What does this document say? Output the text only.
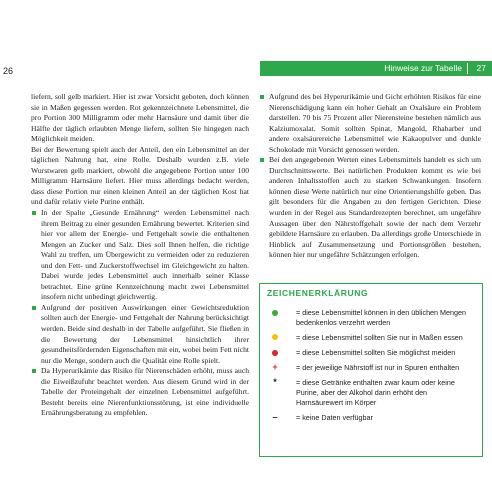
26	Hinweise zur Tabelle 27

liefern, soll gelb markiert. Hier ist zwar Vorsicht geboten, doch können sie in Maßen gegessen werden. Rot gekennzeichnete Lebensmittel, die pro Portion 300 Milligramm oder mehr Harnsäure und damit über die Hälfte der täglich erlaubten Menge liefern, sollten Sie hingegen nach Möglichkeit meiden.

Bei der Bewertung spielt auch der Anteil, den ein Lebensmittel an der täglichen Nahrung hat, eine Rolle. Deshalb wurden z.B. viele Wurstwaren gelb markiert, obwohl die angegebene Portion unter 100 Milligramm Harnsäure liefert. Hier muss allerdings bedacht werden, dass diese Portion nur einen kleinen Anteil an der täglichen Kost hat und dafür relativ viele Purine enthält.

In der Spalte „Gesunde Ernährung“ werden Lebensmittel nach ihrem Beitrag zu einer gesunden Ernährung bewertet. Kriterien sind hier vor allem der Energie- und Fettgehalt sowie die enthaltenen Mengen an Zucker und Salz. Dies soll Ihnen helfen, die richtige Wahl zu treffen, um Übergewicht zu vermeiden oder zu reduzieren und den Fett- und Zuckerstoffwechsel im Gleichgewicht zu halten. Dabei wurde jedes Lebensmittel auch innerhalb seiner Klasse betrachtet. Eine grüne Kennzeichnung macht zwei Lebensmittel insofern nicht unbedingt gleichwertig.

Aufgrund der positiven Auswirkungen einer Gewichtsreduktion sollten auch der Energie- und Fettgehalt der Nahrung berücksichtigt werden. Beide sind deshalb in der Tabelle aufgeführt. Sie fließen in die Bewertung der Lebensmittel hinsichtlich ihrer gesundheitsfördernden Eigenschaften mit ein, wobei beim Fett nicht nur die Menge, sondern auch die Qualität eine Rolle spielt.

Da Hyperurikämie das Risiko für Nierenschäden erhöht, muss auch die Eiweißzufuhr beachtet werden. Aus diesem Grund wird in der Tabelle der Proteingehalt der einzelnen Lebensmittel aufgeführt. Besteht bereits eine Nierenfunktionsstörung, ist eine individuelle Ernährungsberatung zu empfehlen.

Aufgrund des bei Hyperurikämie und Gicht erhöhten Risikos für eine Nierenschädigung kann ein hoher Gehalt an Oxalsäure ein Problem darstellen. 70 bis 75 Prozent aller Nierensteine bestehen nämlich aus Kalziumoxalat. Somit sollten Spinat, Mangold, Rhabarber und andere oxalsäurereiche Lebensmittel wie Kakaopulver und dunkle Schokolade mit Vorsicht genossen werden.

Bei den angegebenen Werten eines Lebensmittels handelt es sich um Durchschnittswerte. Bei natürlichen Produkten kommt es wie bei anderen Inhaltsstoffen auch zu starken Schwankungen. Insofern können diese Werte natürlich nur eine Orientierungshilfe geben. Das gilt besonders für die Angaben zu den fertigen Gerichten. Diese wurden in der Regel aus Standardrezepten berechnet, um ungefähre Aussagen über den Nährstoffgehalt sowie der nach dem Verzehr gebildete Harnsäure zu erlauben. Da allerdings große Unterschiede in Hinblick auf Zusammensetzung und Portionsgrößen bestehen, können hier nur ungefähre Schätzungen erfolgen.

ZEICHENERKLÄRUNG
= diese Lebensmittel können in den üblichen Mengen bedenkenlos verzehrt werden
= diese Lebensmittel sollten Sie nur in Maßen essen
= diese Lebensmittel sollten Sie möglichst meiden
+	= der jeweilige Nährstoff ist nur in Spuren enthalten
*	= diese Getränke enthalten zwar kaum oder keine Purine, aber der Alkohol darin erhöht den Harnsäurewert im Körper
–	= keine Daten verfügbar
